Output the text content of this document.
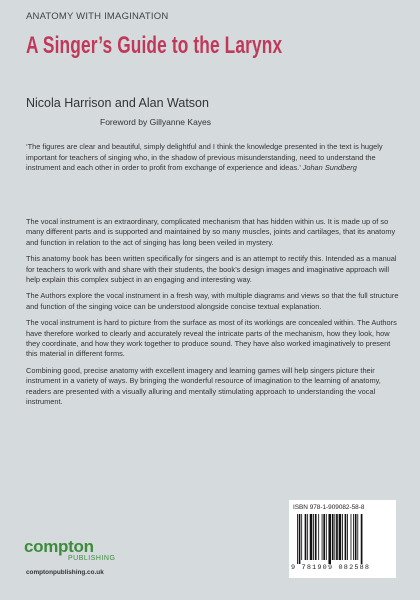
ANATOMY WITH IMAGINATION
A Singer’s Guide to the Larynx
Nicola Harrison and Alan Watson
Foreword by Gillyanne Kayes
‘The figures are clear and beautiful, simply delightful and I think the knowledge presented in the text is hugely important for teachers of singing who, in the shadow of previous misunderstanding, need to understand the instrument and each other in order to profit from exchange of experience and ideas.’ Johan Sundberg

The vocal instrument is an extraordinary, complicated mechanism that has hidden within us. It is made up of so many different parts and is supported and maintained by so many muscles, joints and cartilages, that its anatomy and function in relation to the act of singing has long been veiled in mystery.

This anatomy book has been written specifically for singers and is an attempt to rectify this. Intended as a manual for teachers to work with and share with their students, the book’s design images and imaginative approach will help explain this complex subject in an engaging and interesting way.

The Authors explore the vocal instrument in a fresh way, with multiple diagrams and views so that the full structure and function of the singing voice can be understood alongside concise textual explanation.

The vocal instrument is hard to picture from the surface as most of its workings are concealed within. The Authors have therefore worked to clearly and accurately reveal the intricate parts of the mechanism, how they look, how they coordinate, and how they work together to produce sound. They have also worked imaginatively to present this material in different forms.

Combining good, precise anatomy with excellent imagery and learning games will help singers picture their instrument in a variety of ways. By bringing the wonderful resource of imagination to the learning of anatomy, readers are presented with a visually alluring and mentally stimulating approach to understanding the vocal instrument.

compton
PUBLISHING
comptonpublishing.co.uk
ISBN 978-1-909082-58-8
9 781909 082588
